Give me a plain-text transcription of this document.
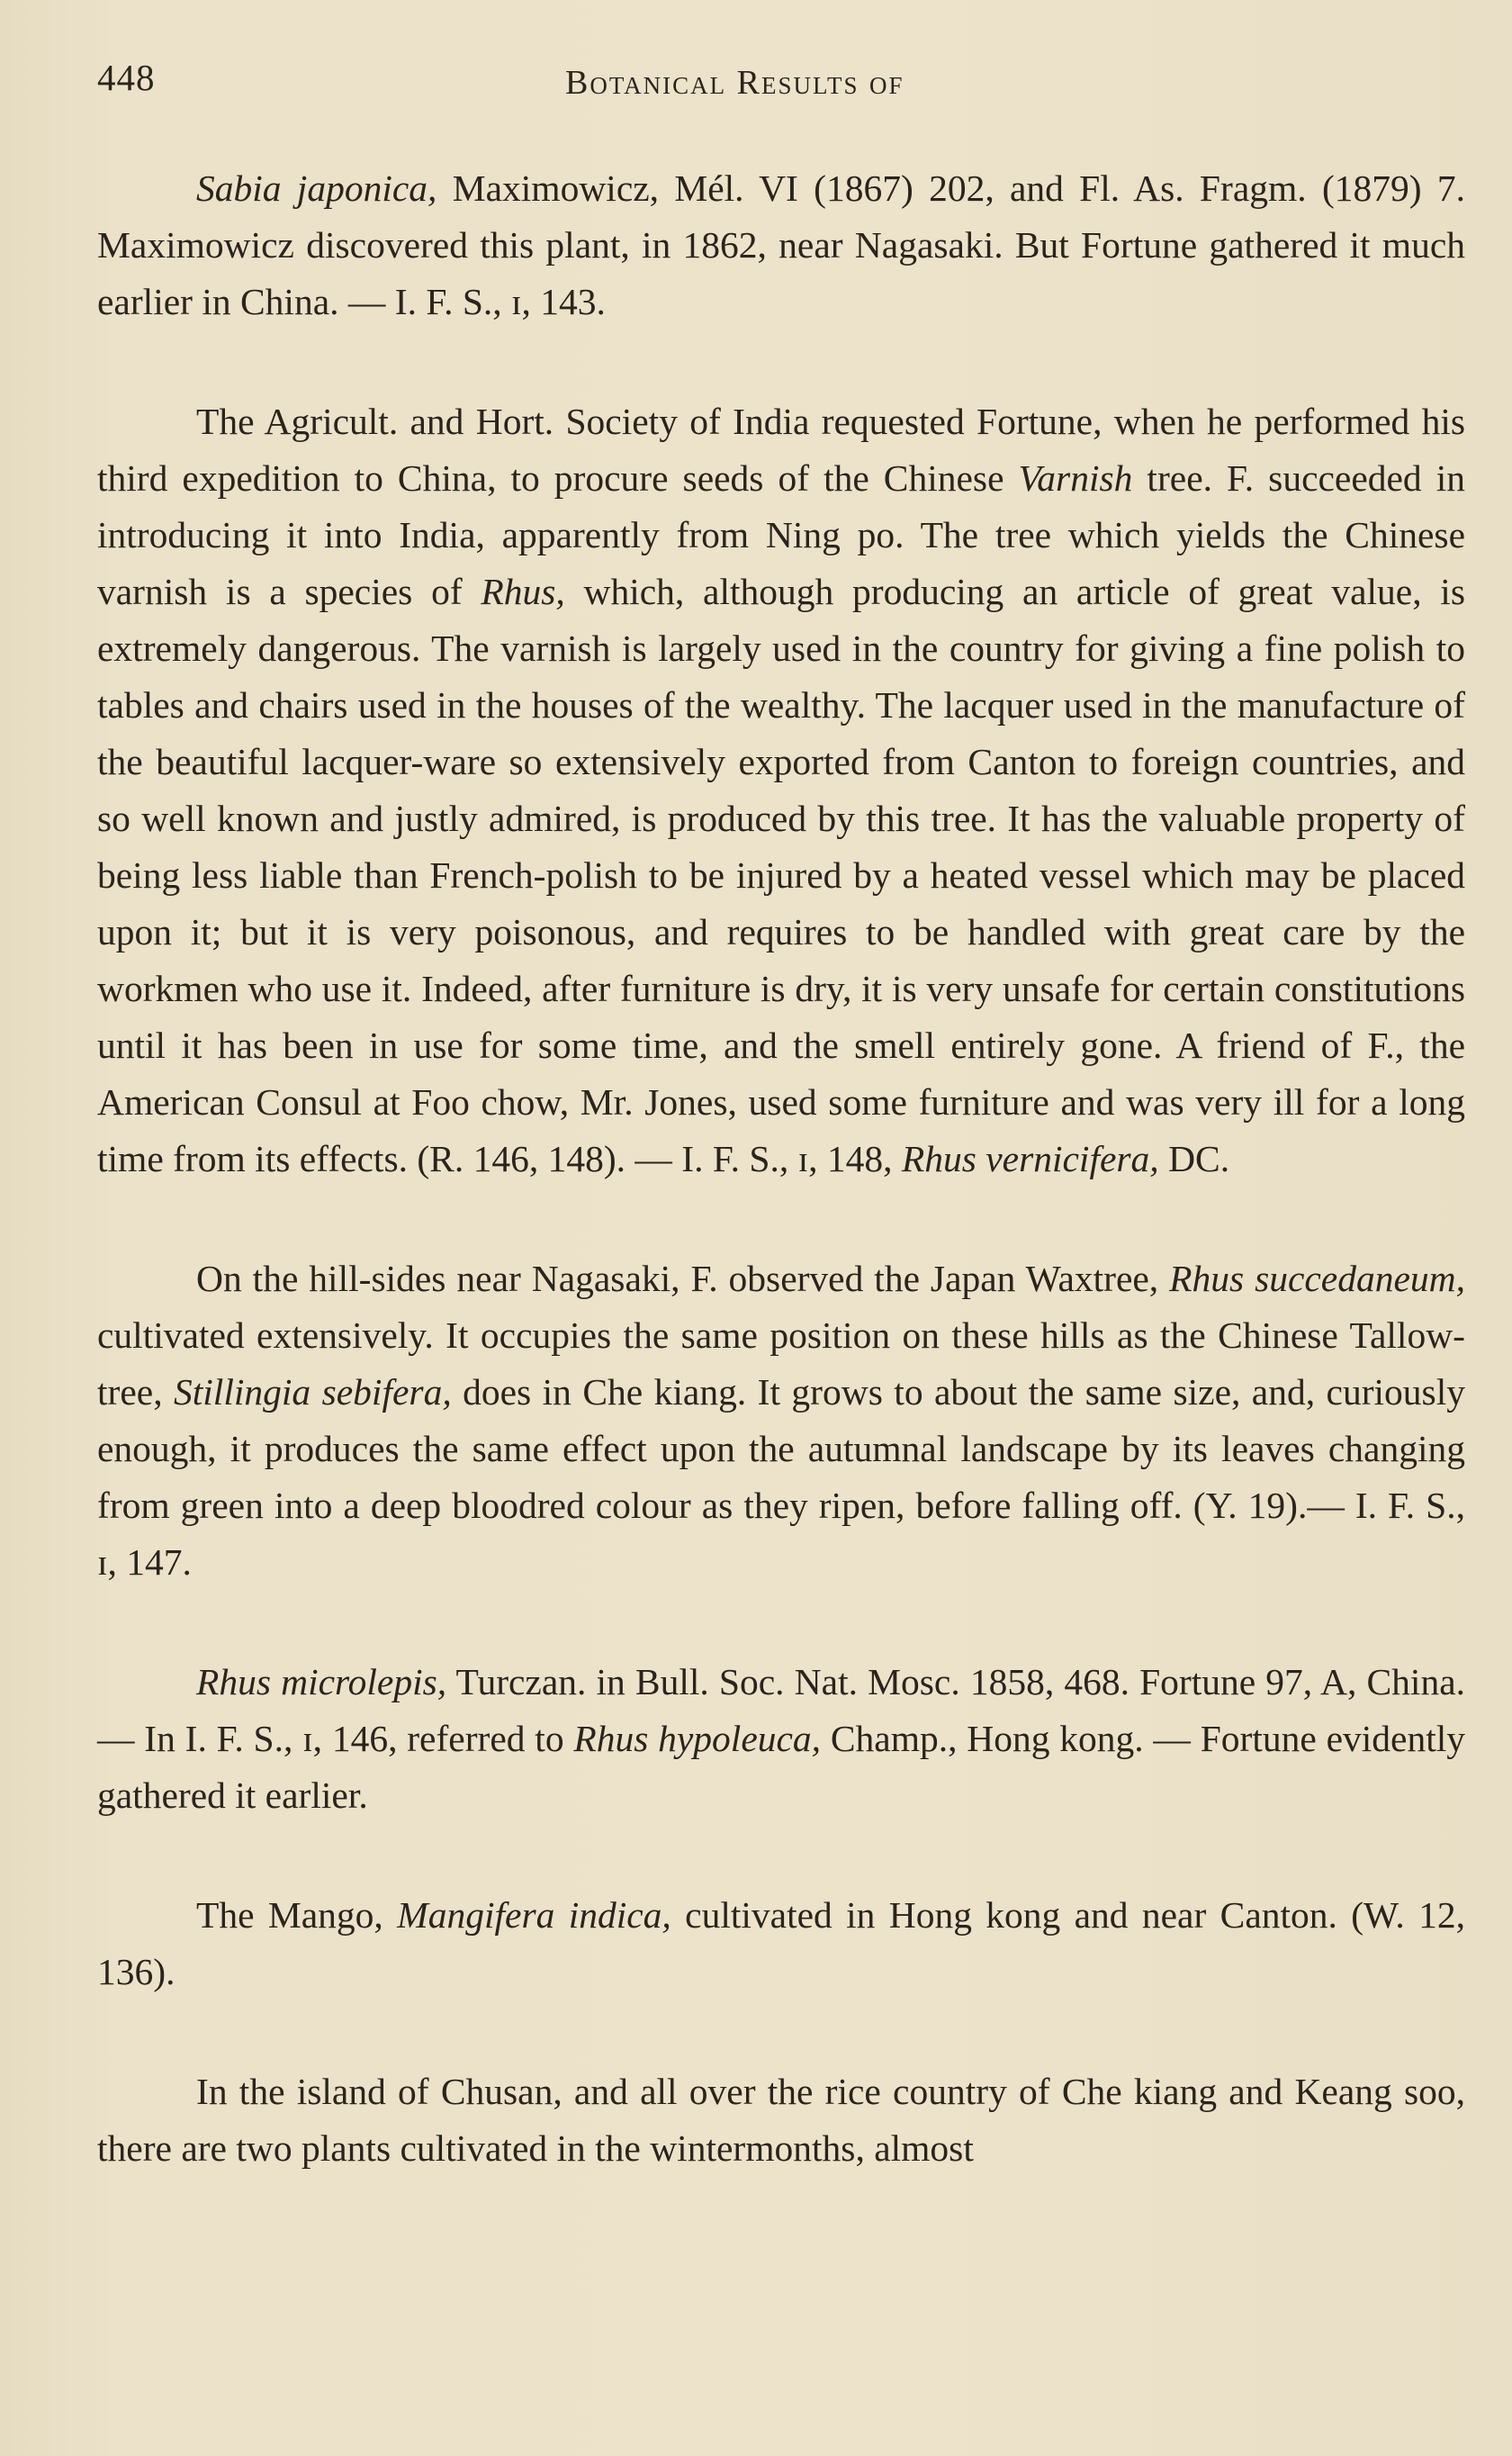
448	Botanical Results of

Sabia japonica, Maximowicz, Mél. VI (1867) 202, and Fl. As. Fragm. (1879) 7. Maximowicz discovered this plant, in 1862, near Nagasaki. But Fortune gathered it much earlier in China. — I. F. S., ɪ, 143.

The Agricult. and Hort. Society of India requested Fortune, when he performed his third expedition to China, to procure seeds of the Chinese Varnish tree. F. succeeded in introducing it into India, apparently from Ning po. The tree which yields the Chinese varnish is a species of Rhus, which, although producing an article of great value, is extremely dangerous. The varnish is largely used in the country for giving a fine polish to tables and chairs used in the houses of the wealthy. The lacquer used in the manufacture of the beautiful lacquer-ware so extensively exported from Canton to foreign countries, and so well known and justly admired, is produced by this tree. It has the valuable property of being less liable than French-polish to be injured by a heated vessel which may be placed upon it; but it is very poisonous, and requires to be handled with great care by the workmen who use it. Indeed, after furniture is dry, it is very unsafe for certain constitutions until it has been in use for some time, and the smell entirely gone. A friend of F., the American Consul at Foo chow, Mr. Jones, used some furniture and was very ill for a long time from its effects. (R. 146, 148). — I. F. S., ɪ, 148, Rhus vernicifera, DC.

On the hill-sides near Nagasaki, F. observed the Japan Waxtree, Rhus succedaneum, cultivated extensively. It occupies the same position on these hills as the Chinese Tallow-tree, Stillingia sebifera, does in Che kiang. It grows to about the same size, and, curiously enough, it produces the same effect upon the autumnal landscape by its leaves changing from green into a deep bloodred colour as they ripen, before falling off. (Y. 19).— I. F. S., ɪ, 147.

Rhus microlepis, Turczan. in Bull. Soc. Nat. Mosc. 1858, 468. Fortune 97, A, China. — In I. F. S., ɪ, 146, referred to Rhus hypoleuca, Champ., Hong kong. — Fortune evidently gathered it earlier.

The Mango, Mangifera indica, cultivated in Hong kong and near Canton. (W. 12, 136).

In the island of Chusan, and all over the rice country of Che kiang and Keang soo, there are two plants cultivated in the wintermonths, almost
